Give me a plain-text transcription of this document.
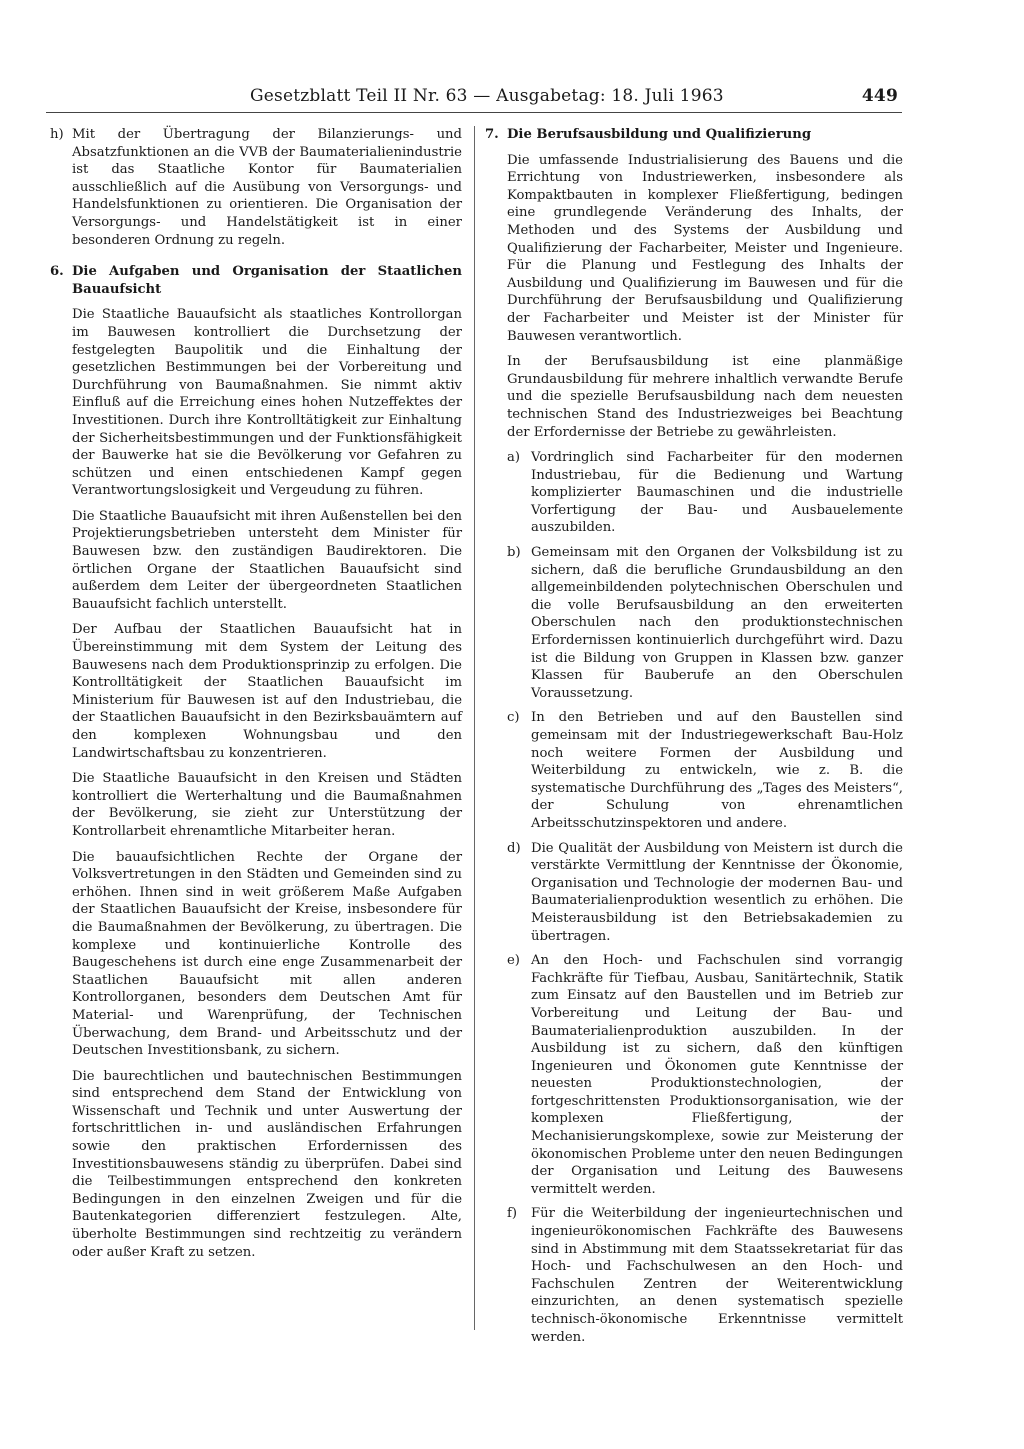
Gesetzblatt Teil II Nr. 63 — Ausgabetag: 18. Juli 1963	449
h) Mit der Übertragung der Bilanzierungs- und Absatzfunktionen an die VVB der Baumaterialienindustrie ist das Staatliche Kontor für Baumaterialien ausschließlich auf die Ausübung von Versorgungs- und Handelsfunktionen zu orientieren. Die Organisation der Versorgungs- und Handelstätigkeit ist in einer besonderen Ordnung zu regeln.
6. Die Aufgaben und Organisation der Staatlichen Bauaufsicht

Die Staatliche Bauaufsicht als staatliches Kontrollorgan im Bauwesen kontrolliert die Durchsetzung der festgelegten Baupolitik und die Einhaltung der gesetzlichen Bestimmungen bei der Vorbereitung und Durchführung von Baumaßnahmen. Sie nimmt aktiv Einfluß auf die Erreichung eines hohen Nutzeffektes der Investitionen. Durch ihre Kontrolltätigkeit zur Einhaltung der Sicherheitsbestimmungen und der Funktionsfähigkeit der Bauwerke hat sie die Bevölkerung vor Gefahren zu schützen und einen entschiedenen Kampf gegen Verantwortungslosigkeit und Vergeudung zu führen.

Die Staatliche Bauaufsicht mit ihren Außenstellen bei den Projektierungsbetrieben untersteht dem Minister für Bauwesen bzw. den zuständigen Baudirektoren. Die örtlichen Organe der Staatlichen Bauaufsicht sind außerdem dem Leiter der übergeordneten Staatlichen Bauaufsicht fachlich unterstellt.

Der Aufbau der Staatlichen Bauaufsicht hat in Übereinstimmung mit dem System der Leitung des Bauwesens nach dem Produktionsprinzip zu erfolgen. Die Kontrolltätigkeit der Staatlichen Bauaufsicht im Ministerium für Bauwesen ist auf den Industriebau, die der Staatlichen Bauaufsicht in den Bezirksbauämtern auf den komplexen Wohnungsbau und den Landwirtschaftsbau zu konzentrieren.

Die Staatliche Bauaufsicht in den Kreisen und Städten kontrolliert die Werterhaltung und die Baumaßnahmen der Bevölkerung, sie zieht zur Unterstützung der Kontrollarbeit ehrenamtliche Mitarbeiter heran.

Die bauaufsichtlichen Rechte der Organe der Volksvertretungen in den Städten und Gemeinden sind zu erhöhen. Ihnen sind in weit größerem Maße Aufgaben der Staatlichen Bauaufsicht der Kreise, insbesondere für die Baumaßnahmen der Bevölkerung, zu übertragen. Die komplexe und kontinuierliche Kontrolle des Baugeschehens ist durch eine enge Zusammenarbeit der Staatlichen Bauaufsicht mit allen anderen Kontrollorganen, besonders dem Deutschen Amt für Material- und Warenprüfung, der Technischen Überwachung, dem Brand- und Arbeitsschutz und der Deutschen Investitionsbank, zu sichern.

Die baurechtlichen und bautechnischen Bestimmungen sind entsprechend dem Stand der Entwicklung von Wissenschaft und Technik und unter Auswertung der fortschrittlichen in- und ausländischen Erfahrungen sowie den praktischen Erfordernissen des Investitionsbauwesens ständig zu überprüfen. Dabei sind die Teilbestimmungen entsprechend den konkreten Bedingungen in den einzelnen Zweigen und für die Bautenkategorien differenziert festzulegen. Alte, überholte Bestimmungen sind rechtzeitig zu verändern oder außer Kraft zu setzen.

7. Die Berufsausbildung und Qualifizierung

Die umfassende Industrialisierung des Bauens und die Errichtung von Industriewerken, insbesondere als Kompaktbauten in komplexer Fließfertigung, bedingen eine grundlegende Veränderung des Inhalts, der Methoden und des Systems der Ausbildung und Qualifizierung der Facharbeiter, Meister und Ingenieure. Für die Planung und Festlegung des Inhalts der Ausbildung und Qualifizierung im Bauwesen und für die Durchführung der Berufsausbildung und Qualifizierung der Facharbeiter und Meister ist der Minister für Bauwesen verantwortlich.

In der Berufsausbildung ist eine planmäßige Grundausbildung für mehrere inhaltlich verwandte Berufe und die spezielle Berufsausbildung nach dem neuesten technischen Stand des Industriezweiges bei Beachtung der Erfordernisse der Betriebe zu gewährleisten.

a) Vordringlich sind Facharbeiter für den modernen Industriebau, für die Bedienung und Wartung komplizierter Baumaschinen und die industrielle Vorfertigung der Bau- und Ausbauelemente auszubilden.
b) Gemeinsam mit den Organen der Volksbildung ist zu sichern, daß die berufliche Grundausbildung an den allgemeinbildenden polytechnischen Oberschulen und die volle Berufsausbildung an den erweiterten Oberschulen nach den produktionstechnischen Erfordernissen kontinuierlich durchgeführt wird. Dazu ist die Bildung von Gruppen in Klassen bzw. ganzer Klassen für Bauberufe an den Oberschulen Voraussetzung.
c) In den Betrieben und auf den Baustellen sind gemeinsam mit der Industriegewerkschaft Bau-Holz noch weitere Formen der Ausbildung und Weiterbildung zu entwickeln, wie z. B. die systematische Durchführung des „Tages des Meisters“, der Schulung von ehrenamtlichen Arbeitsschutzinspektoren und andere.
d) Die Qualität der Ausbildung von Meistern ist durch die verstärkte Vermittlung der Kenntnisse der Ökonomie, Organisation und Technologie der modernen Bau- und Baumaterialienproduktion wesentlich zu erhöhen. Die Meisterausbildung ist den Betriebsakademien zu übertragen.
e) An den Hoch- und Fachschulen sind vorrangig Fachkräfte für Tiefbau, Ausbau, Sanitärtechnik, Statik zum Einsatz auf den Baustellen und im Betrieb zur Vorbereitung und Leitung der Bau- und Baumaterialienproduktion auszubilden. In der Ausbildung ist zu sichern, daß den künftigen Ingenieuren und Ökonomen gute Kenntnisse der neuesten Produktionstechnologien, der fortgeschrittensten Produktionsorganisation, wie der komplexen Fließfertigung, der Mechanisierungskomplexe, sowie zur Meisterung der ökonomischen Probleme unter den neuen Bedingungen der Organisation und Leitung des Bauwesens vermittelt werden.
f)	Für die Weiterbildung der ingenieurtechnischen und ingenieurökonomischen Fachkräfte des Bauwesens sind in Abstimmung mit dem Staatssekretariat für das Hoch- und Fachschulwesen an den Hoch- und Fachschulen Zentren der Weiterentwicklung einzurichten, an denen systematisch spezielle technisch-ökonomische Erkenntnisse vermittelt werden.
